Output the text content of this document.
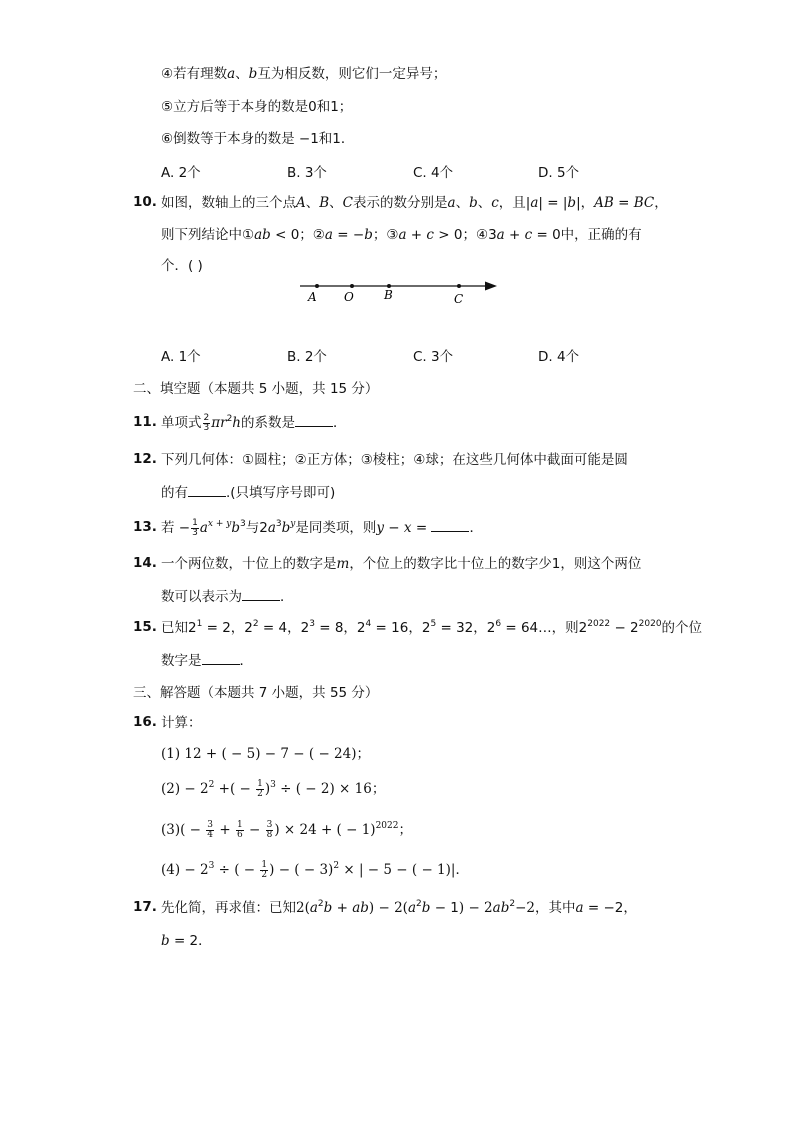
④若有理数a、b互为相反数，则它们一定异号；
⑤立方后等于本身的数是0和1；
⑥倒数等于本身的数是 −1和1．
A. 2个	B. 3个	C. 4个	D. 5个
10. 如图，数轴上的三个点A、B、C表示的数分别是a、b、c，且|a| = |b|，AB = BC，
则下列结论中①ab < 0；②a = −b；③a + c > 0；④3a + c = 0中，正确的有
个．( )
A O	B	C
A. 1个	B. 2个	C. 3个	D. 4个
二、填空题（本题共 5 小题，共 15 分）
11. 单项式 $\frac{2}{3} \pi r^2h$的系数是	．
12. 下列几何体：①圆柱；②正方体；③棱柱；④球；在这些几何体中截面可能是圆
的有	.(只填写序号即可)
13. 若 − $\frac{1}{3} a^{x + y}b^3$与$2a^3b^y$是同类项，则y − x =	．
14. 一个两位数，十位上的数字是m，个位上的数字比十位上的数字少1，则这个两位
数可以表示为	．
15. 已知$2^1 = 2$，$2^2 = 4$，$2^3 = 8$，$2^4 = 16$，$2^5 = 32$，$2^6$ = 64…，则$2^{2022} - 2^{2020}$的个位
数字是	．
三、解答题（本题共 7 小题，共 55 分）
16. 计算：
(1) 12 + ( − 5) − 7 − ( − 24)；
$(2) - 2^2$ +( − $\frac{1}{2} )^3$ ÷ ( − 2) × 16；
$(3)( - \frac{3}{4} + \frac{1}{6} - \frac{3}{8}$ ) × 24 + ( − 1)$^{2022}$；
$(4) - 2^3$ ÷ ( − $\frac{1}{2}$ ) − ( − 3)$^2$ × | − 5 − ( − 1)|．
17. 先化简，再求值：已知$2(a^2b + ab) - 2(a^2b - 1) - 2ab^2-2$，其中a = −2，
b = 2．
